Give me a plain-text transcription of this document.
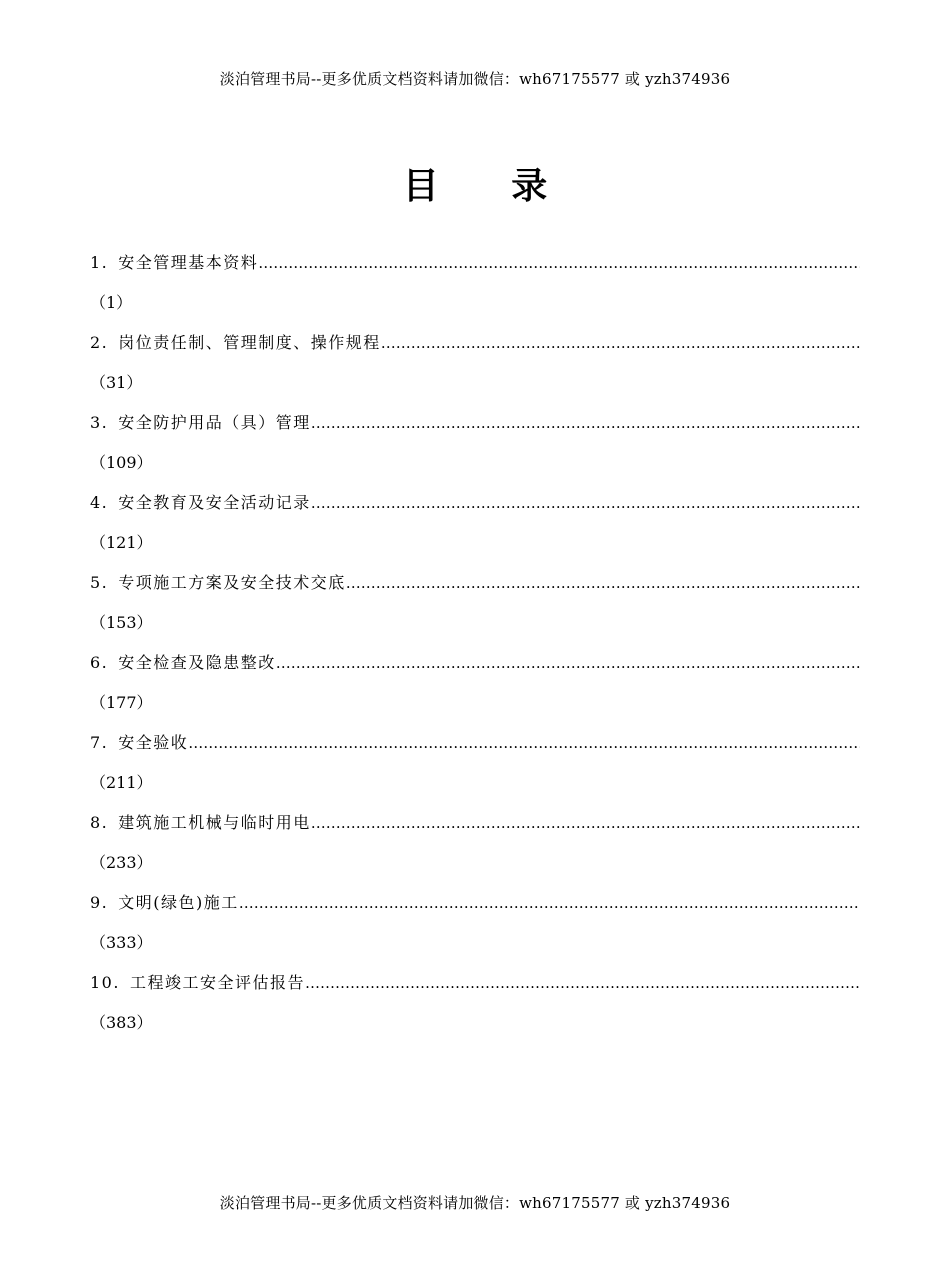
淡泊管理书局--更多优质文档资料请加微信：wh67175577 或 yzh374936
目 录
1. 安全管理基本资料
………………………………………………………………………………………………………………………………………………………………………………………………………………………………………………
（1）
2. 岗位责任制、管理制度、操作规程
………………………………………………………………………………………………………………………………………………………………………………………………………………………………………………
（31）
3. 安全防护用品（具）管理
………………………………………………………………………………………………………………………………………………………………………………………………………………………………………………
（109）
4. 安全教育及安全活动记录
………………………………………………………………………………………………………………………………………………………………………………………………………………………………………………
（121）
5. 专项施工方案及安全技术交底
………………………………………………………………………………………………………………………………………………………………………………………………………………………………………………
（153）
6. 安全检查及隐患整改
………………………………………………………………………………………………………………………………………………………………………………………………………………………………………………
（177）
7. 安全验收
………………………………………………………………………………………………………………………………………………………………………………………………………………………………………………
（211）
8. 建筑施工机械与临时用电
………………………………………………………………………………………………………………………………………………………………………………………………………………………………………………
（233）
9. 文明(绿色)施工
………………………………………………………………………………………………………………………………………………………………………………………………………………………………………………
（333）
10. 工程竣工安全评估报告
………………………………………………………………………………………………………………………………………………………………………………………………………………………………………………
（383）
淡泊管理书局--更多优质文档资料请加微信：wh67175577 或 yzh374936
